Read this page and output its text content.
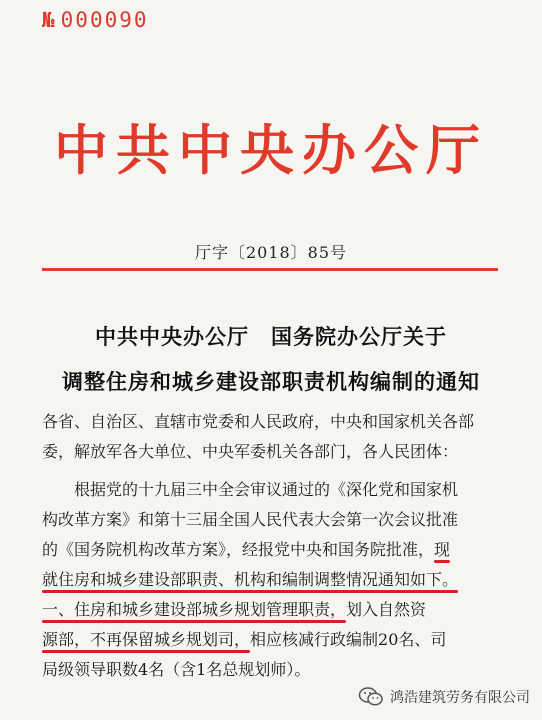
№ 000090
中共中央办公厅
厅字〔2018〕85号
中共中央办公厅　国务院办公厅关于
调整住房和城乡建设部职责机构编制的通知
各省、自治区、直辖市党委和人民政府，中央和国家机关各部
委，解放军各大单位、中央军委机关各部门，各人民团体：
　　根据党的十九届三中全会审议通过的《深化党和国家机
构改革方案》和第十三届全国人民代表大会第一次会议批准
的《国务院机构改革方案》，经报党中央和国务院批准，现
就住房和城乡建设部职责、机构和编制调整情况通知如下。
一、住房和城乡建设部城乡规划管理职责，划入自然资
源部，不再保留城乡规划司，相应核减行政编制20名、司
局级领导职数4名（含1名总规划师）。
鸿浩建筑劳务有限公司
